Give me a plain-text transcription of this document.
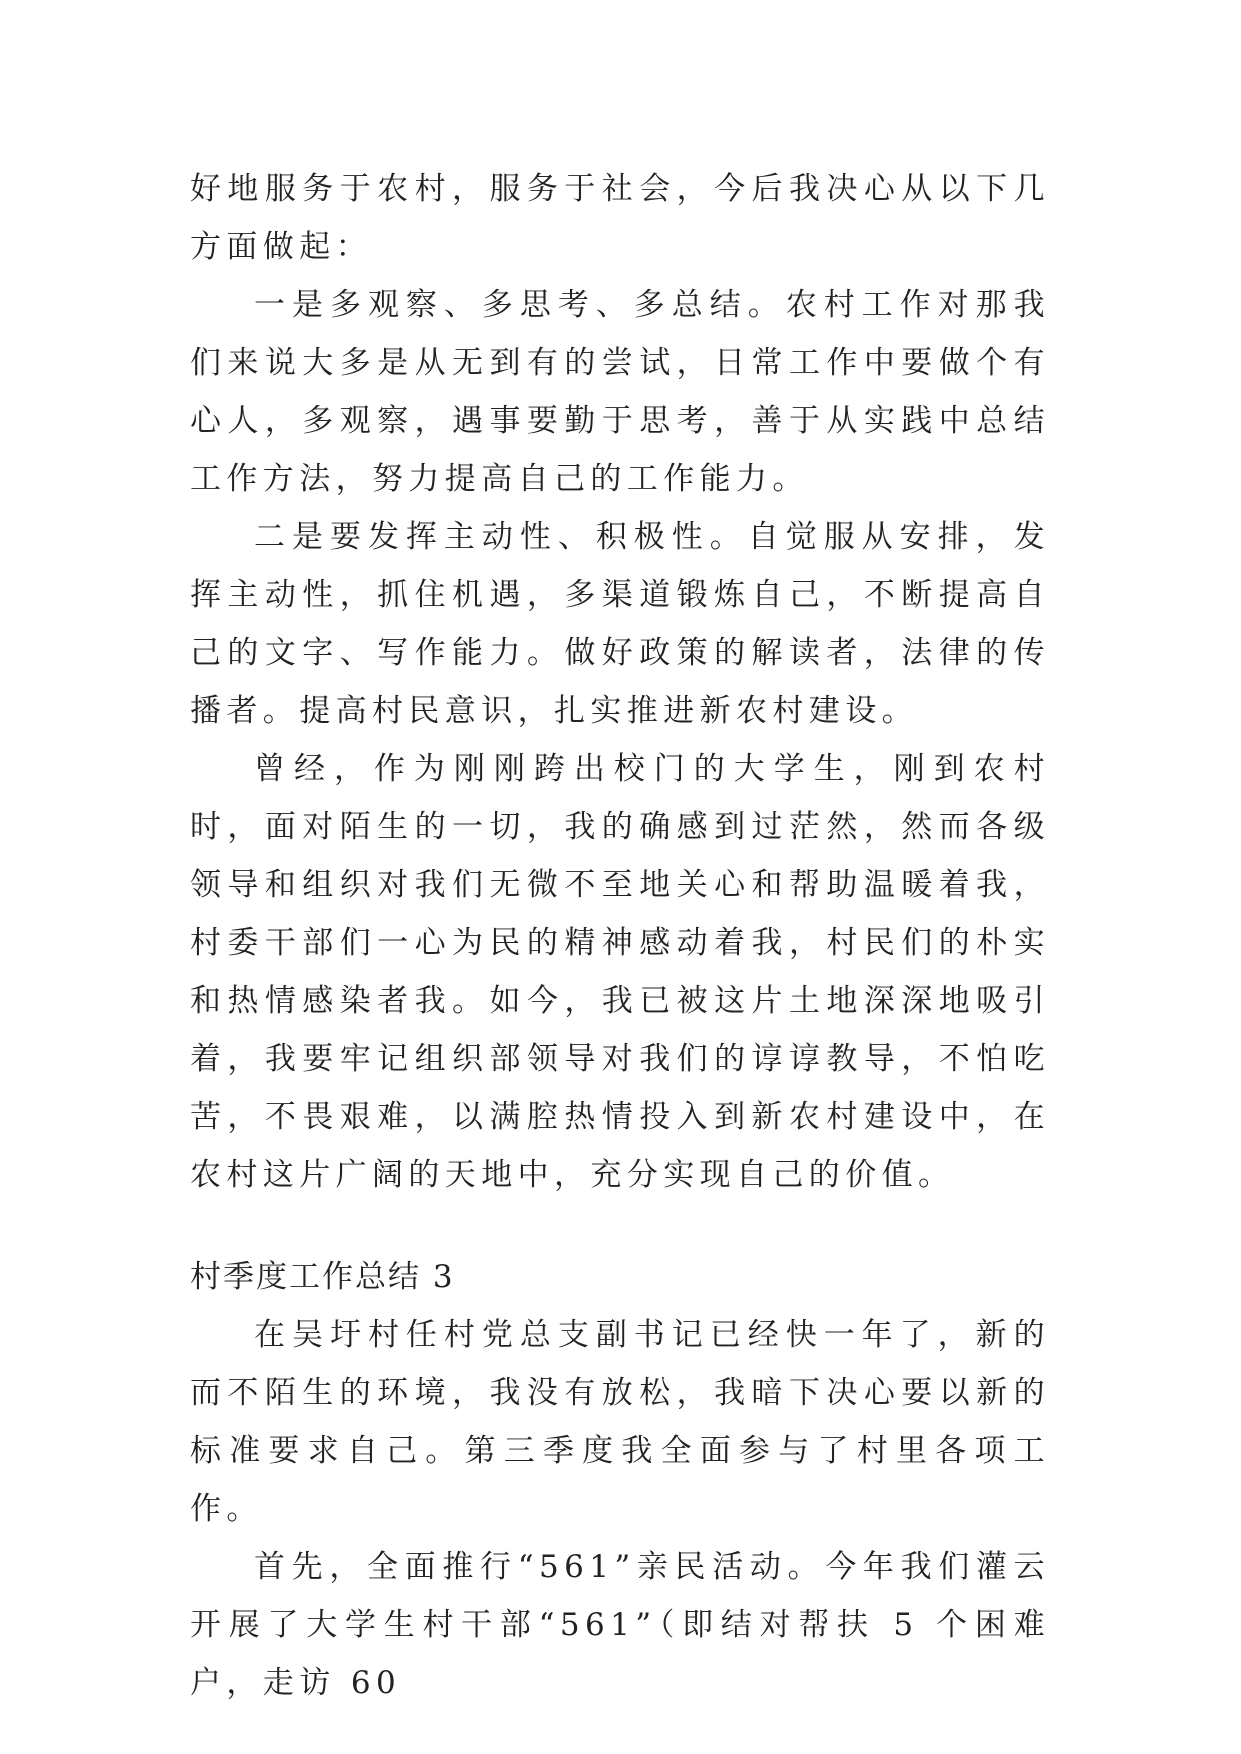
好地服务于农村，服务于社会，今后我决心从以下几方面做起：

一是多观察、多思考、多总结。农村工作对那我们来说大多是从无到有的尝试，日常工作中要做个有心人，多观察，遇事要勤于思考，善于从实践中总结工作方法，努力提高自己的工作能力。

二是要发挥主动性、积极性。自觉服从安排，发挥主动性，抓住机遇，多渠道锻炼自己，不断提高自己的文字、写作能力。做好政策的解读者，法律的传播者。提高村民意识，扎实推进新农村建设。

曾经，作为刚刚跨出校门的大学生，刚到农村时，面对陌生的一切，我的确感到过茫然，然而各级领导和组织对我们无微不至地关心和帮助温暖着我，村委干部们一心为民的精神感动着我，村民们的朴实和热情感染者我。如今，我已被这片土地深深地吸引着，我要牢记组织部领导对我们的谆谆教导，不怕吃苦，不畏艰难，以满腔热情投入到新农村建设中，在农村这片广阔的天地中，充分实现自己的价值。

村季度工作总结 3

在吴圩村任村党总支副书记已经快一年了，新的而不陌生的环境，我没有放松，我暗下决心要以新的标准要求自己。第三季度我全面参与了村里各项工作。

首先，全面推行“561”亲民活动。今年我们灌云开展了大学生村干部“561”（即结对帮扶 5 个困难户，走访 60
